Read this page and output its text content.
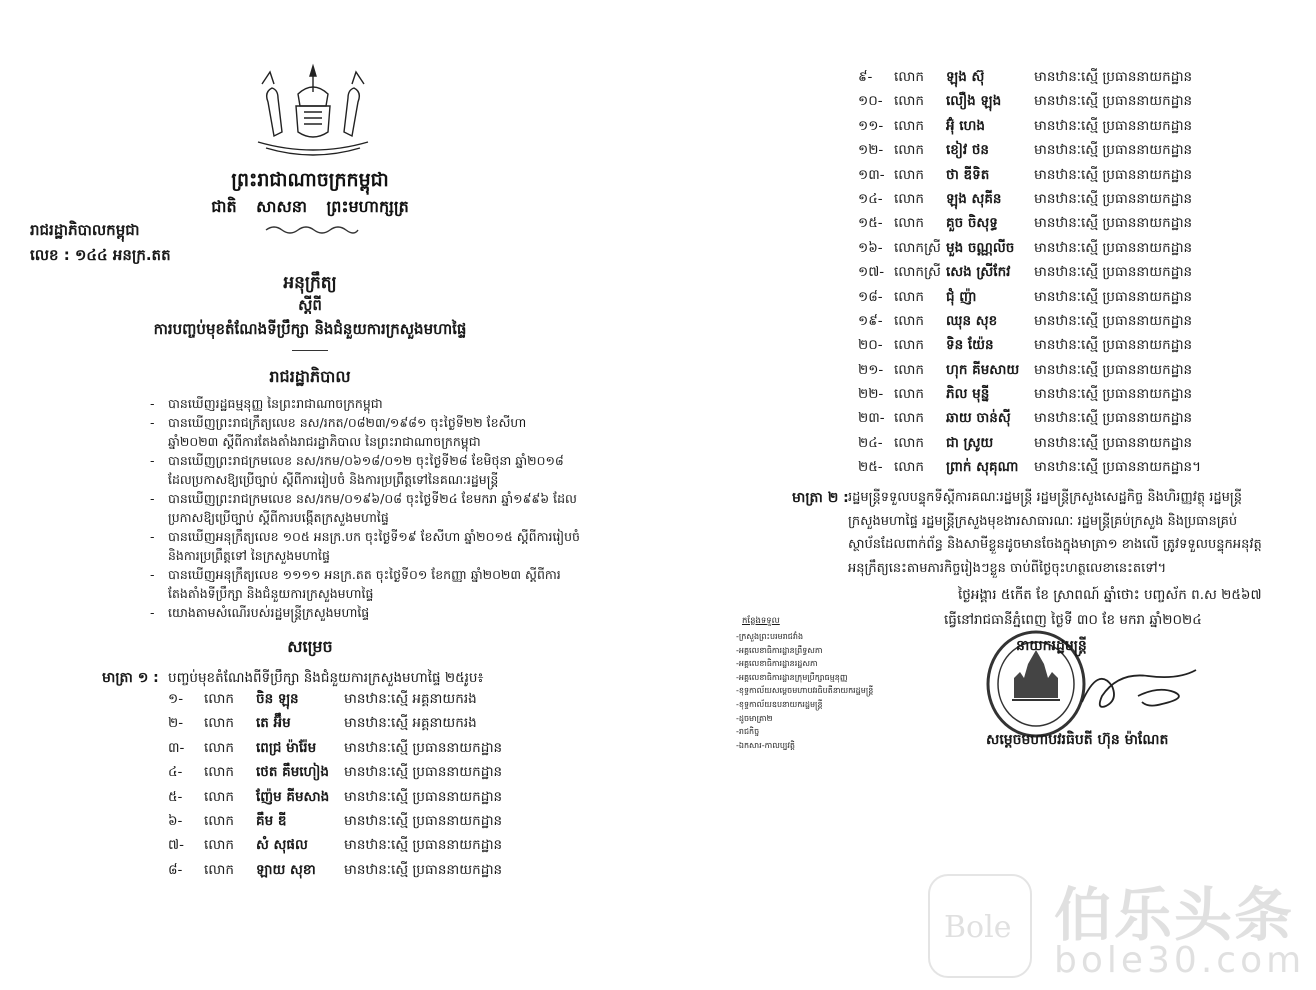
ព្រះរាជាណាចក្រកម្ពុជា
ជាតិ សាសនា ព្រះមហាក្សត្រ
រាជរដ្ឋាភិបាលកម្ពុជា
លេខ : ១៤៤ អនក្រ.តត
អនុក្រឹត្យ
ស្តីពី
ការបញ្ចប់មុខតំណែងទីប្រឹក្សា និងជំនួយការក្រសួងមហាផ្ទៃ
រាជរដ្ឋាភិបាល
- បានឃើញរដ្ឋធម្មនុញ្ញ នៃព្រះរាជាណាចក្រកម្ពុជា
- បានឃើញព្រះរាជក្រឹត្យលេខ នស/រកត/០៨២៣/១៩៨១ ចុះថ្ងៃទី២២ ខែសីហា ឆ្នាំ២០២៣ ស្តីពីការតែងតាំងរាជរដ្ឋាភិបាល នៃព្រះរាជាណាចក្រកម្ពុជា
- បានឃើញព្រះរាជក្រមលេខ នស/រកម/០៦១៨/០១២ ចុះថ្ងៃទី២៨ ខែមិថុនា ឆ្នាំ២០១៨ ដែលប្រកាសឱ្យប្រើច្បាប់ ស្តីពីការរៀបចំ និងការប្រព្រឹត្តទៅនៃគណៈរដ្ឋមន្ត្រី
- បានឃើញព្រះរាជក្រមលេខ នស/រកម/០១៩៦/០៨ ចុះថ្ងៃទី២៤ ខែមករា ឆ្នាំ១៩៩៦ ដែលប្រកាសឱ្យប្រើច្បាប់ ស្តីពីការបង្កើតក្រសួងមហាផ្ទៃ
- បានឃើញអនុក្រឹត្យលេខ ១០៥ អនក្រ.បក ចុះថ្ងៃទី១៩ ខែសីហា ឆ្នាំ២០១៥ ស្តីពីការរៀបចំ និងការប្រព្រឹត្តទៅ នៃក្រសួងមហាផ្ទៃ
- បានឃើញអនុក្រឹត្យលេខ ១១១១ អនក្រ.តត ចុះថ្ងៃទី០១ ខែកញ្ញា ឆ្នាំ២០២៣ ស្តីពីការតែងតាំងទីប្រឹក្សា និងជំនួយការក្រសួងមហាផ្ទៃ
- យោងតាមសំណើរបស់រដ្ឋមន្ត្រីក្រសួងមហាផ្ទៃ
សម្រេច
មាត្រា ១ : បញ្ចប់មុខតំណែងពីទីប្រឹក្សា និងជំនួយការក្រសួងមហាផ្ទៃ ២៥រូប៖
១- លោក ចិន ឡុន	មានឋានៈស្មើ អគ្គនាយករង
២- លោក តេ អ៊ឹម	មានឋានៈស្មើ អគ្គនាយករង
៣- លោក ពេជ្រ ម៉ារ៉ែម មានឋានៈស្មើ ប្រធាននាយកដ្ឋាន
៤- លោក ថេត គឹមហៀង មានឋានៈស្មើ ប្រធាននាយកដ្ឋាន
៥- លោក ញ៉ែម គីមសាង មានឋានៈស្មើ ប្រធាននាយកដ្ឋាន
៦- លោក គឹម ឌី	មានឋានៈស្មើ ប្រធាននាយកដ្ឋាន
៧- លោក សំ សុផល	មានឋានៈស្មើ ប្រធាននាយកដ្ឋាន
៨- លោក ឡាយ សុខា មានឋានៈស្មើ ប្រធាននាយកដ្ឋាន
៩- លោក ឡុង ស៊ុ	មានឋានៈស្មើ ប្រធាននាយកដ្ឋាន
១០- លោក លឿង ឡុង មានឋានៈស្មើ ប្រធាននាយកដ្ឋាន
១១- លោក អ៊ុំ ហេង	មានឋានៈស្មើ ប្រធាននាយកដ្ឋាន
១២- លោក ខៀវ ថន	មានឋានៈស្មើ ប្រធាននាយកដ្ឋាន
១៣- លោក ថា ឌីទិត	មានឋានៈស្មើ ប្រធាននាយកដ្ឋាន
១៤- លោក ឡុង សុគីន មានឋានៈស្មើ ប្រធាននាយកដ្ឋាន
១៥- លោក គួច ចិសុទ្ធ	មានឋានៈស្មើ ប្រធាននាយកដ្ឋាន
១៦- លោកស្រី មួង ចណ្ណលីច មានឋានៈស្មើ ប្រធាននាយកដ្ឋាន
១៧- លោកស្រី សេង ស្រីកែវ មានឋានៈស្មើ ប្រធាននាយកដ្ឋាន
១៨- លោក ជុំ ញ៉ា	មានឋានៈស្មើ ប្រធាននាយកដ្ឋាន
១៩- លោក ឈុន សុខ	មានឋានៈស្មើ ប្រធាននាយកដ្ឋាន
២០- លោក ទិន យ៉ែន	មានឋានៈស្មើ ប្រធាននាយកដ្ឋាន
២១- លោក ហុក គីមសាយ មានឋានៈស្មើ ប្រធាននាយកដ្ឋាន
២២- លោក ភិល មុន្នី	មានឋានៈស្មើ ប្រធាននាយកដ្ឋាន
២៣- លោក ឆាយ ចាន់ស៊ី មានឋានៈស្មើ ប្រធាននាយកដ្ឋាន
២៤- លោក ជា ស្រូយ	មានឋានៈស្មើ ប្រធាននាយកដ្ឋាន
២៥- លោក ព្រាក់ សុគុណា មានឋានៈស្មើ ប្រធាននាយកដ្ឋាន។
មាត្រា ២ : រដ្ឋមន្ត្រីទទួលបន្ទុកទីស្តីការគណៈរដ្ឋមន្ត្រី រដ្ឋមន្ត្រីក្រសួងសេដ្ឋកិច្ច និងហិរញ្ញវត្ថុ រដ្ឋមន្ត្រីក្រសួងមហាផ្ទៃ រដ្ឋមន្ត្រីក្រសួងមុខងារសាធារណៈ រដ្ឋមន្ត្រីគ្រប់ក្រសួង និងប្រធានគ្រប់ស្ថាប័នដែលពាក់ព័ន្ធ និងសាមីខ្លួនដូចមានចែងក្នុងមាត្រា១ ខាងលើ ត្រូវទទួលបន្ទុកអនុវត្តអនុក្រឹត្យនេះតាមភារកិច្ចរៀងៗខ្លួន ចាប់ពីថ្ងៃចុះហត្ថលេខានេះតទៅ។
ថ្ងៃអង្គារ ៥កើត ខែ ស្រាពណ៍ ឆ្នាំថោះ បញ្ចស័ក ព.ស ២៥៦៧
ធ្វើនៅរាជធានីភ្នំពេញ ថ្ងៃទី ៣០ ខែ មករា ឆ្នាំ២០២៤
នាយករដ្ឋមន្ត្រី
សម្តេចមហាបវរធិបតី ហ៊ុន ម៉ាណែត
កន្លែងទទួល
-ក្រសួងព្រះបរមរាជវាំង
-អគ្គលេខាធិការដ្ឋានព្រឹទ្ធសភា
-អគ្គលេខាធិការដ្ឋានរដ្ឋសភា
-អគ្គលេខាធិការដ្ឋានក្រុមប្រឹក្សាធម្មនុញ្ញ
-ខុទ្ទកាល័យសម្តេចមហាបវរធិបតីនាយករដ្ឋមន្ត្រី
-ខុទ្ទកាល័យឧបនាយករដ្ឋមន្ត្រី
-ដូចមាត្រា២
-រាជកិច្ច
-ឯកសារ-កាលប្បវត្តិ
Bole 伯乐头条
bole30.com
